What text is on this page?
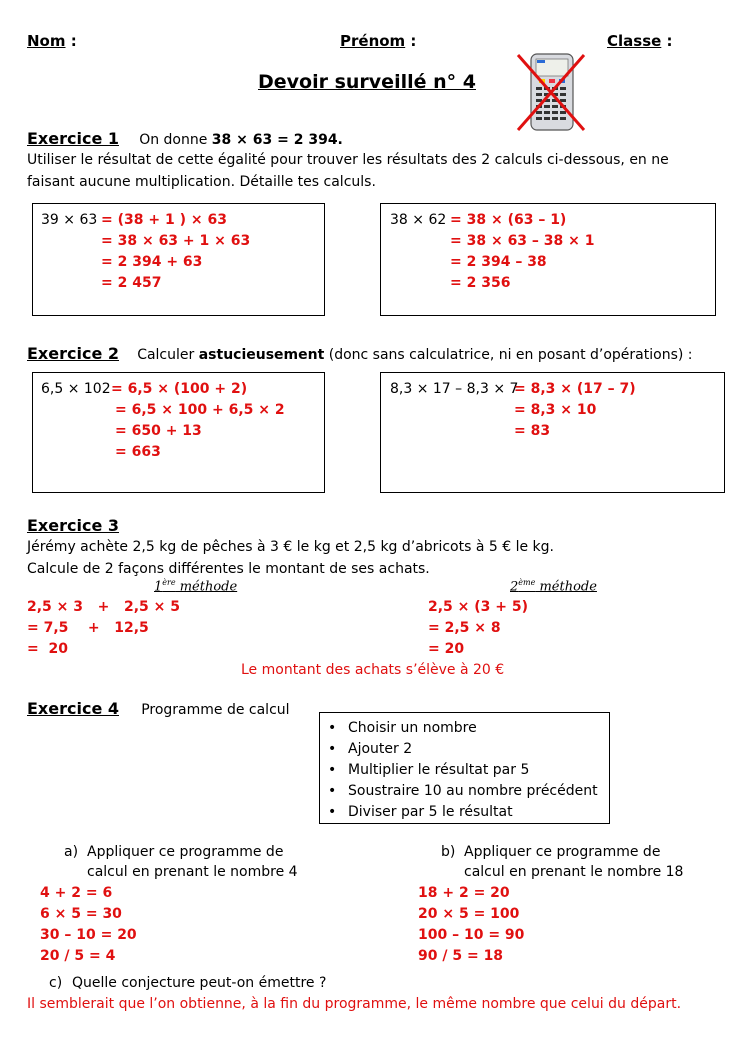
Nom :	Prénom :	Classe :
Devoir surveillé n° 4
Exercice 1 On donne 38 × 63 = 2 394.
Utiliser le résultat de cette égalité pour trouver les résultats des 2 calculs ci-dessous, en ne
faisant aucune multiplication. Détaille tes calculs.
39 × 63 = (38 + 1 ) × 63
= 38 × 63 + 1 × 63
= 2 394 + 63
= 2 457
38 × 62 = 38 × (63 – 1)
= 38 × 63 – 38 × 1
= 2 394 – 38
= 2 356
Exercice 2 Calculer astucieusement (donc sans calculatrice, ni en posant d’opérations) :
6,5 × 102 = 6,5 × (100 + 2)
= 6,5 × 100 + 6,5 × 2
= 650 + 13
= 663
8,3 × 17 – 8,3 × 7
= 8,3 × (17 – 7)
= 8,3 × 10
= 83
Exercice 3
Jérémy achète 2,5 kg de pêches à 3 € le kg et 2,5 kg d’abricots à 5 € le kg.
Calcule de 2 façons différentes le montant de ses achats.
1ère méthode	2ème méthode
2,5 × 3   +   2,5 × 5
= 7,5    +   12,5
=  20
2,5 × (3 + 5)
= 2,5 × 8
= 20
Le montant des achats s’élève à 20 €
Exercice 4 Programme de calcul
• Choisir un nombre
• Ajouter 2
• Multiplier le résultat par 5
• Soustraire 10 au nombre précédent
• Diviser par 5 le résultat
a) Appliquer ce programme de
calcul en prenant le nombre 4
b) Appliquer ce programme de
calcul en prenant le nombre 18
4 + 2 = 6
6 × 5 = 30
30 – 10 = 20
20 / 5 = 4
18 + 2 = 20
20 × 5 = 100
100 – 10 = 90
90 / 5 = 18
c) Quelle conjecture peut-on émettre ?
Il semblerait que l’on obtienne, à la fin du programme, le même nombre que celui du départ.
